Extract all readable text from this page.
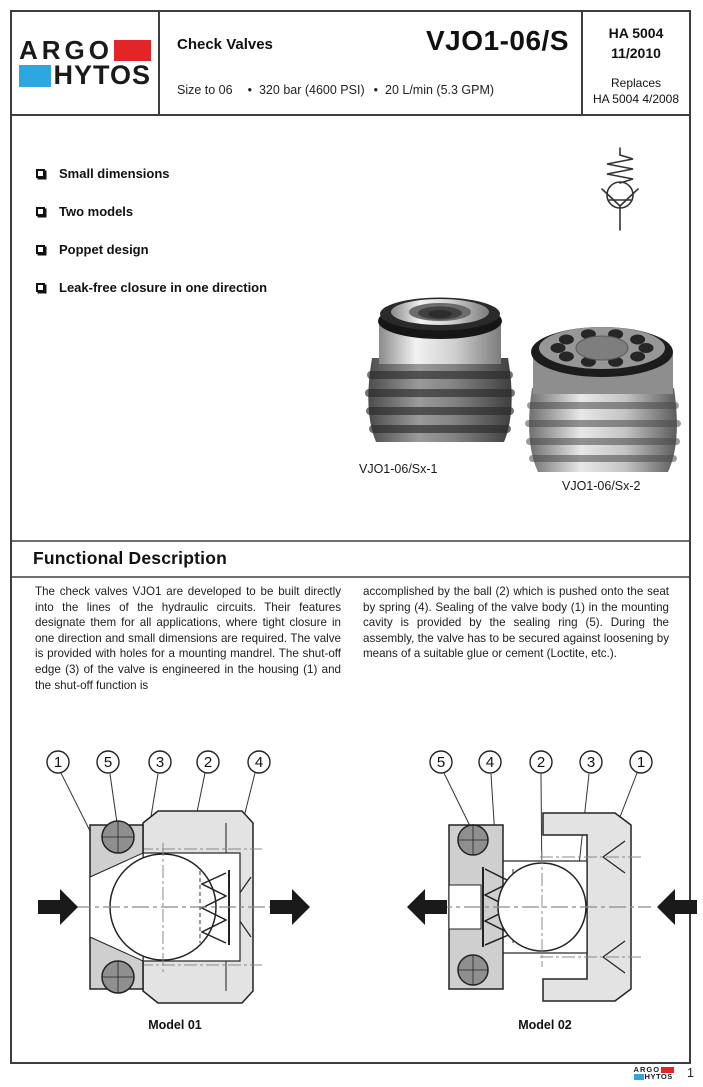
ARGO
HYTOS
Check Valves	VJO1-06/S
Size to 06 • 320 bar (4600 PSI) • 20 L/min (5.3 GPM)
HA 5004
11/2010
Replaces
HA 5004 4/2008
Small dimensions
Two models
Poppet design
Leak-free closure in one direction
VJO1-06/Sx-1
VJO1-06/Sx-2
Functional Description

The check valves VJO1 are developed to be built directly into the lines of the hydraulic circuits. Their features designate them for all applications, where tight closure in one direction and small dimensions are required. The valve is provided with holes for a mounting mandrel. The shut-off edge (3) of the valve is engineered in the housing (1) and the shut-off function is

accomplished by the ball (2) which is pushed onto the seat by spring (4). Sealing of the valve body (1) in the mounting cavity is provided by the sealing ring (5). During the assembly, the valve has to be secured against loosening by means of a suitable glue or cement (Loctite, etc.).

1	5	3	2	4
Model 01
5	4	2	3	1
Model 02
ARGO
HYTOS 1
